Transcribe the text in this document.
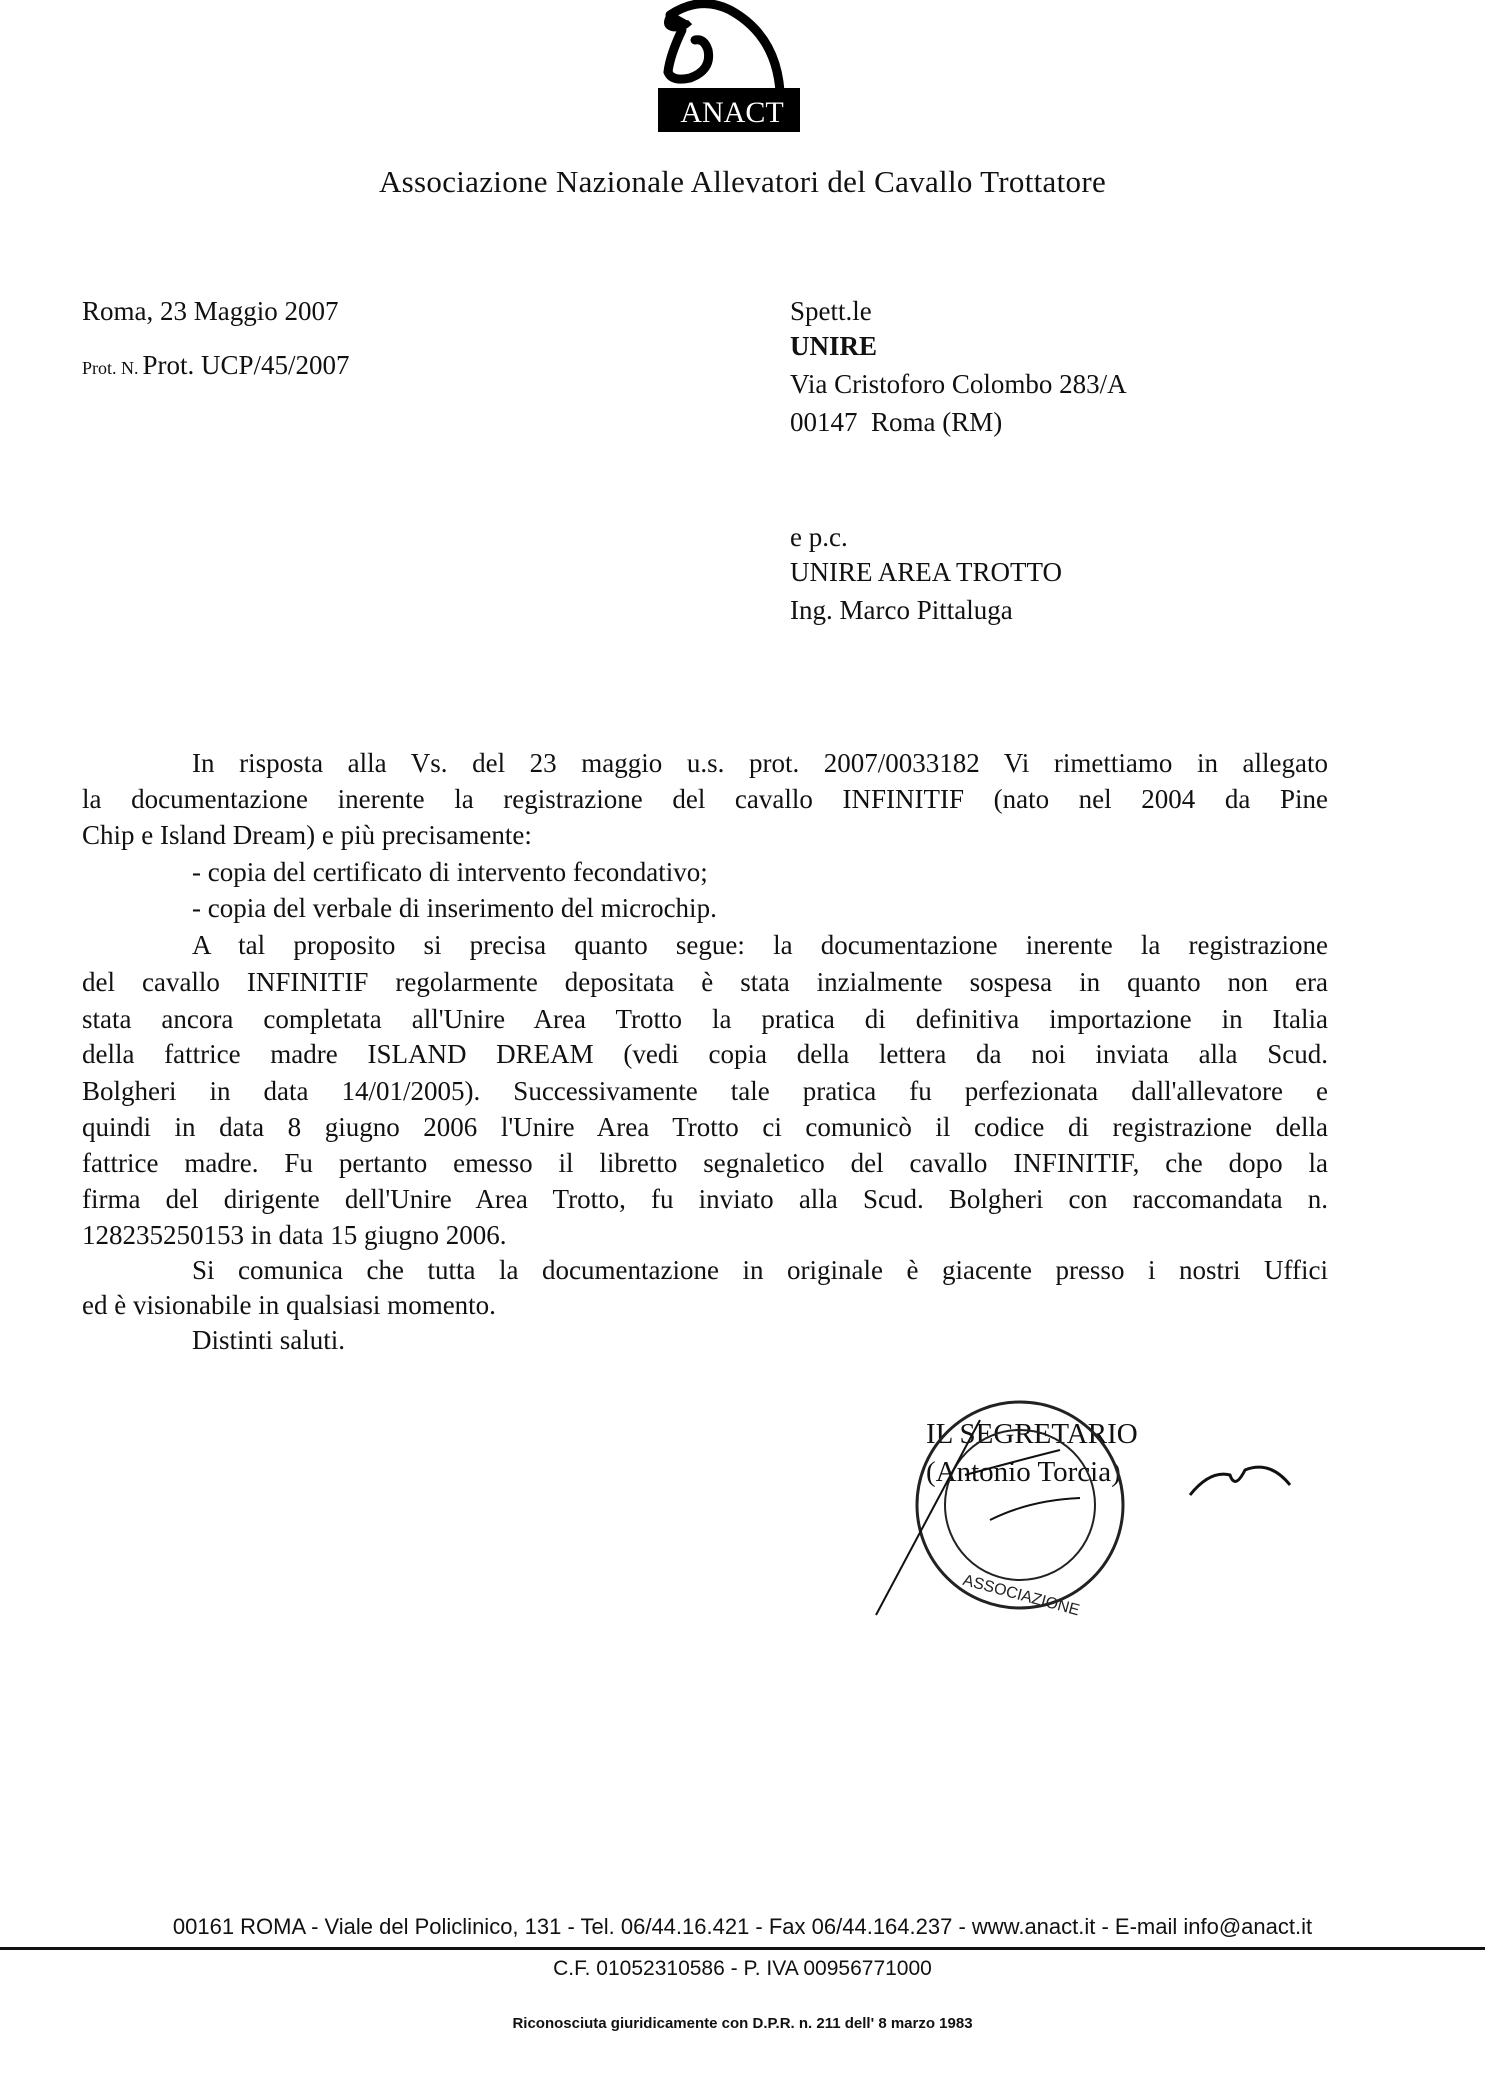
ANACT
Associazione Nazionale Allevatori del Cavallo Trottatore
Roma, 23 Maggio 2007
Prot. N. Prot. UCP/45/2007
Spett.le
UNIRE
Via Cristoforo Colombo 283/A
00147  Roma (RM)
e p.c.
UNIRE AREA TROTTO
Ing. Marco Pittaluga
In risposta alla Vs. del 23 maggio u.s. prot. 2007/0033182 Vi rimettiamo in allegato
la documentazione inerente la registrazione del cavallo INFINITIF (nato nel 2004 da Pine
Chip e Island Dream) e più precisamente:
- copia del certificato di intervento fecondativo;
- copia del verbale di inserimento del microchip.
A tal proposito si precisa quanto segue: la documentazione inerente la registrazione
del cavallo INFINITIF regolarmente depositata è stata inzialmente sospesa in quanto non era
stata ancora completata all'Unire Area Trotto la pratica di definitiva importazione in Italia
della fattrice madre ISLAND DREAM (vedi copia della lettera da noi inviata alla Scud.
Bolgheri in data 14/01/2005). Successivamente tale pratica fu perfezionata dall'allevatore e
quindi in data 8 giugno 2006 l'Unire Area Trotto ci comunicò il codice di registrazione della
fattrice madre. Fu pertanto emesso il libretto segnaletico del cavallo INFINITIF, che dopo la
firma del dirigente dell'Unire Area Trotto, fu inviato alla Scud. Bolgheri con raccomandata n.
128235250153 in data 15 giugno 2006.
Si comunica che tutta la documentazione in originale è giacente presso i nostri Uffici
ed è visionabile in qualsiasi momento.
Distinti saluti.
IL SEGRETARIO
(Antonio Torcia)
ASSOCIAZIONE
00161 ROMA - Viale del Policlinico, 131 - Tel. 06/44.16.421 - Fax 06/44.164.237 - www.anact.it - E-mail info@anact.it
C.F. 01052310586 - P. IVA 00956771000
Riconosciuta giuridicamente con D.P.R. n. 211 dell' 8 marzo 1983
